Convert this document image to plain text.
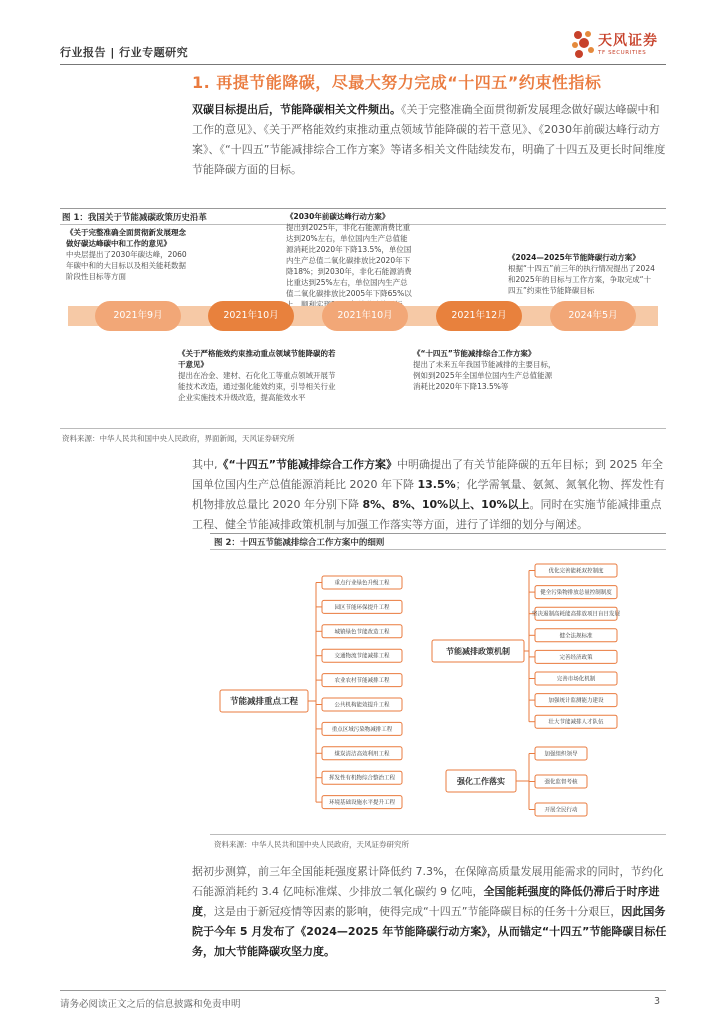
行业报告 | 行业专题研究
天风证券
TF SECURITIES
1. 再提节能降碳，尽最大努力完成“十四五”约束性指标
双碳目标提出后，节能降碳相关文件频出。《关于完整准确全面贯彻新发展理念做好碳达峰碳中和工作的意见》、《关于严格能效约束推动重点领域节能降碳的若干意见》、《2030年前碳达峰行动方案》、《“十四五”节能减排综合工作方案》等诸多相关文件陆续发布，明确了十四五及更长时间维度节能降碳方面的目标。
图 1：我国关于节能减碳政策历史沿革
《关于完整准确全面贯彻新发展理念做好碳达峰碳中和工作的意见》
中央层提出了2030年碳达峰，2060年碳中和的大目标以及相关能耗数据阶段性目标等方面
《2030年前碳达峰行动方案》
提出到2025年，非化石能源消费比重达到20%左右，单位国内生产总值能源消耗比2020年下降13.5%，单位国内生产总值二氧化碳排放比2020年下降18%；到2030年，非化石能源消费比重达到25%左右，单位国内生产总值二氧化碳排放比2005年下降65%以上，顺利实现2
《2024—2025年节能降碳行动方案》
根据“十四五”前三年的执行情况提出了2024和2025年的目标与工作方案，争取完成“十四五”约束性节能降碳目标
2021年9月	2021年10月	2021年10月	2021年12月	2024年5月
《关于严格能效约束推动重点领域节能降碳的若干意见》
提出在冶金、建材、石化化工等重点领域开展节能技术改造，通过强化能效约束，引导相关行业企业实施技术升级改造，提高能效水平
《“十四五”节能减排综合工作方案》
提出了未来五年我国节能减排的主要目标，例如到2025年全国单位国内生产总值能源消耗比2020年下降13.5%等
资料来源：中华人民共和国中央人民政府，界面新闻，天风证券研究所
其中,《“十四五”节能减排综合工作方案》中明确提出了有关节能降碳的五年目标；到 2025 年全国单位国内生产总值能源消耗比 2020 年下降 13.5%；化学需氧量、氨氮、氮氧化物、挥发性有机物排放总量比 2020 年分别下降 8%、8%、10%以上、10%以上。同时在实施节能减排重点工程、健全节能减排政策机制与加强工作落实等方面，进行了详细的划分与阐述。
图 2：十四五节能减排综合工作方案中的细则
节能减排重点工程
重点行业绿色升级工程
园区节能环保提升工程
城镇绿色节能改造工程
交通物流节能减排工程
农业农村节能减排工程
公共机构能效提升工程
重点区域污染物减排工程
煤炭清洁高效利用工程
挥发性有机物综合整治工程
环境基础设施水平提升工程
节能减排政策机制
优化完善能耗双控制度
健全污染物排放总量控制制度
坚决遏制高耗能高排放项目盲目发展
健全法规标准
完善经济政策
完善市场化机制
加强统计监测能力建设
壮大节能减排人才队伍
强化工作落实
加强组织领导
强化监督考核
开展全民行动
资料来源：中华人民共和国中央人民政府，天风证券研究所
据初步测算，前三年全国能耗强度累计降低约 7.3%，在保障高质量发展用能需求的同时，节约化石能源消耗约 3.4 亿吨标准煤、少排放二氧化碳约 9 亿吨，全国能耗强度的降低仍滞后于时序进度，这是由于新冠疫情等因素的影响，使得完成“十四五”节能降碳目标的任务十分艰巨，因此国务院于今年 5 月发布了《2024—2025 年节能降碳行动方案》，从而锚定“十四五”节能降碳目标任务，加大节能降碳攻坚力度。
请务必阅读正文之后的信息披露和免责申明	3
